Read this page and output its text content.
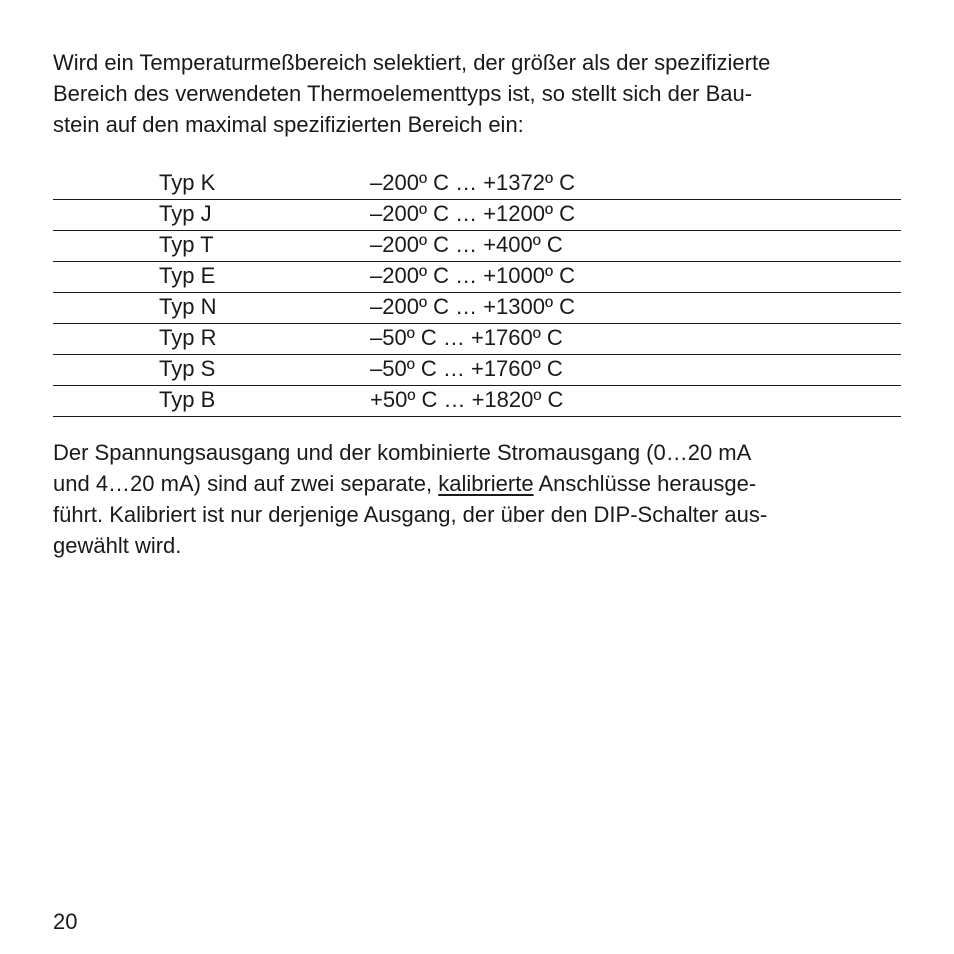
Wird ein Temperaturmeßbereich selektiert, der größer als der spezifizierte
Bereich des verwendeten Thermoelementtyps ist, so stellt sich der Bau-
stein auf den maximal spezifizierten Bereich ein:
Typ K	–200º C … +1372º C
Typ J	–200º C … +1200º C
Typ T	–200º C … +400º C
Typ E	–200º C … +1000º C
Typ N	–200º C … +1300º C
Typ R	–50º C … +1760º C
Typ S	–50º C … +1760º C
Typ B	+50º C … +1820º C
Der Spannungsausgang und der kombinierte Stromausgang (0…20 mA
und 4…20 mA) sind auf zwei separate, kalibrierte Anschlüsse herausge-
führt. Kalibriert ist nur derjenige Ausgang, der über den DIP-Schalter aus-
gewählt wird.
20
